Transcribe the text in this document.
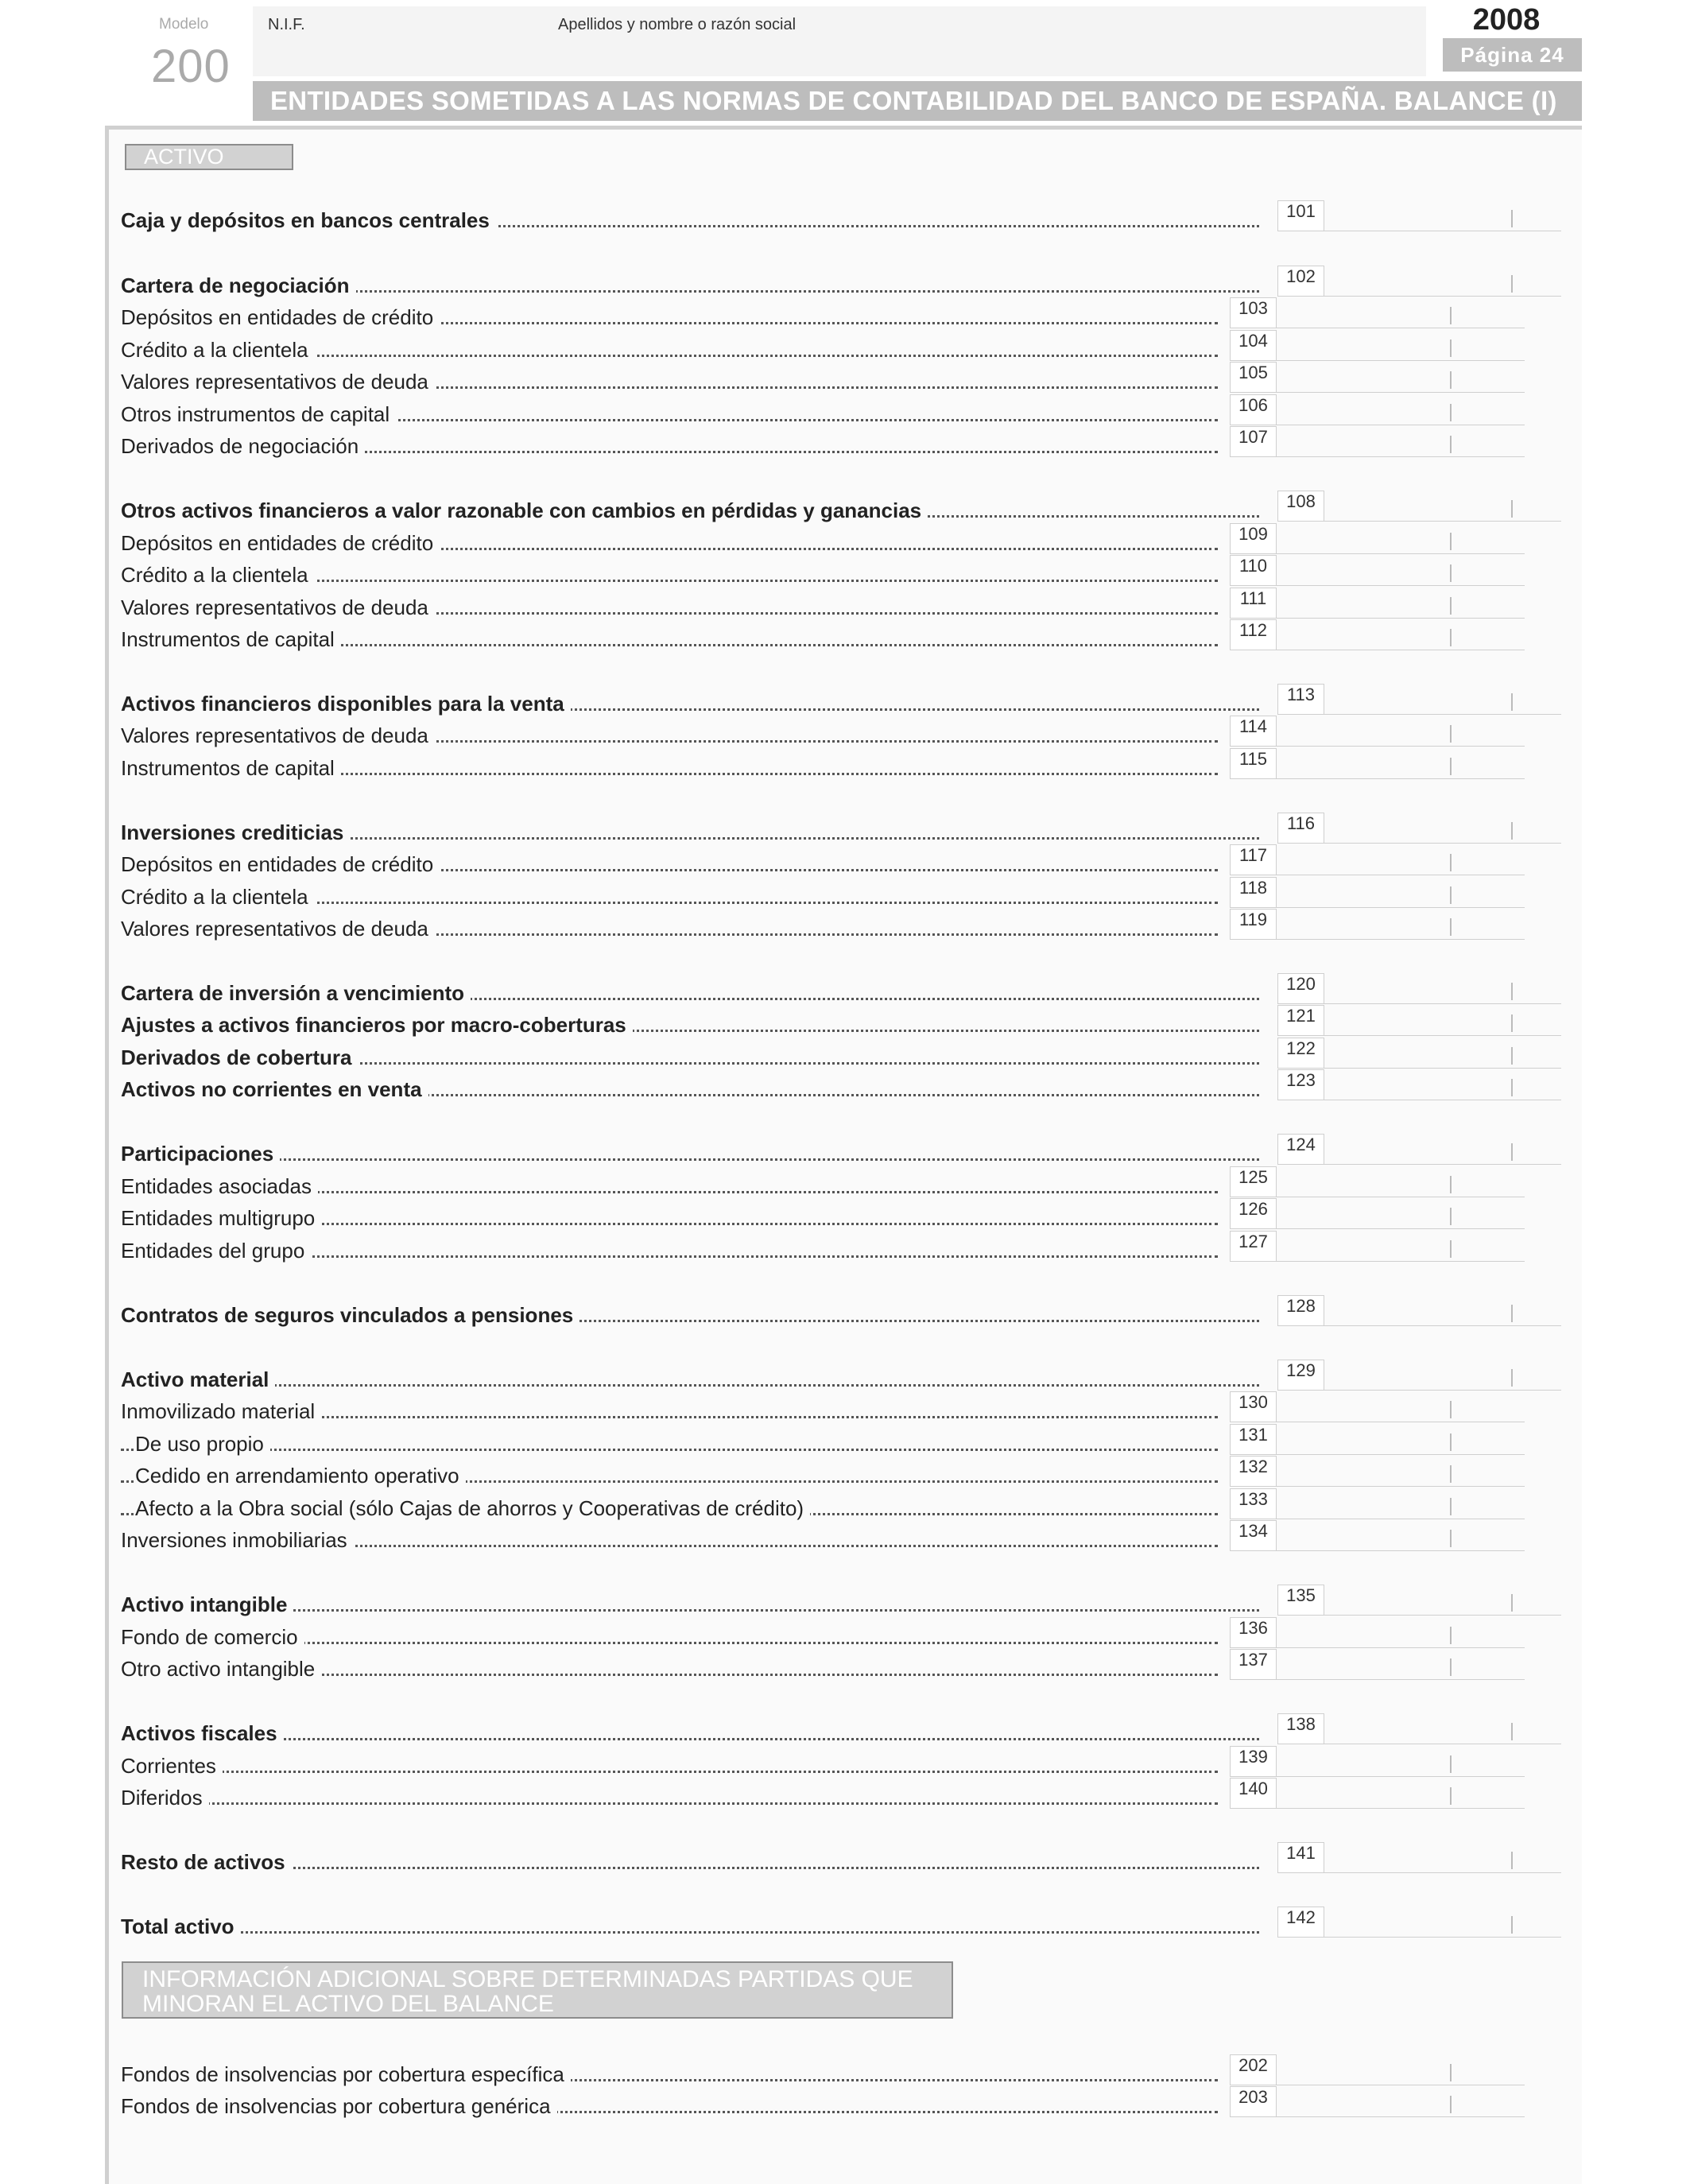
Modelo
200
N.I.F.	Apellidos y nombre o razón social	2008
Página 24
ENTIDADES SOMETIDAS A LAS NORMAS DE CONTABILIDAD DEL BANCO DE ESPAÑA. BALANCE (I)
ACTIVO
Caja y depósitos en bancos centrales	101
Cartera de negociación	102
Depósitos en entidades de crédito	103
Crédito a la clientela	104
Valores representativos de deuda	105
Otros instrumentos de capital	106
Derivados de negociación	107
Otros activos financieros a valor razonable con cambios en pérdidas y ganancias	108
Depósitos en entidades de crédito	109
Crédito a la clientela	110
Valores representativos de deuda	111
Instrumentos de capital	112
Activos financieros disponibles para la venta	113
Valores representativos de deuda	114
Instrumentos de capital	115
Inversiones crediticias	116
Depósitos en entidades de crédito	117
Crédito a la clientela	118
Valores representativos de deuda	119
Cartera de inversión a vencimiento	120
Ajustes a activos financieros por macro-coberturas	121
Derivados de cobertura	122
Activos no corrientes en venta	123
Participaciones	124
Entidades asociadas	125
Entidades multigrupo	126
Entidades del grupo	127
Contratos de seguros vinculados a pensiones	128
Activo material	129
Inmovilizado material	130
De uso propio	131
Cedido en arrendamiento operativo	132
Afecto a la Obra social (sólo Cajas de ahorros y Cooperativas de crédito)	133
Inversiones inmobiliarias	134
Activo intangible	135
Fondo de comercio	136
Otro activo intangible	137
Activos fiscales	138
Corrientes	139
Diferidos	140
Resto de activos	141
Total activo	142
INFORMACIÓN ADICIONAL SOBRE DETERMINADAS PARTIDAS QUE MINORAN EL ACTIVO DEL BALANCE
Fondos de insolvencias por cobertura específica	202
Fondos de insolvencias por cobertura genérica	203
